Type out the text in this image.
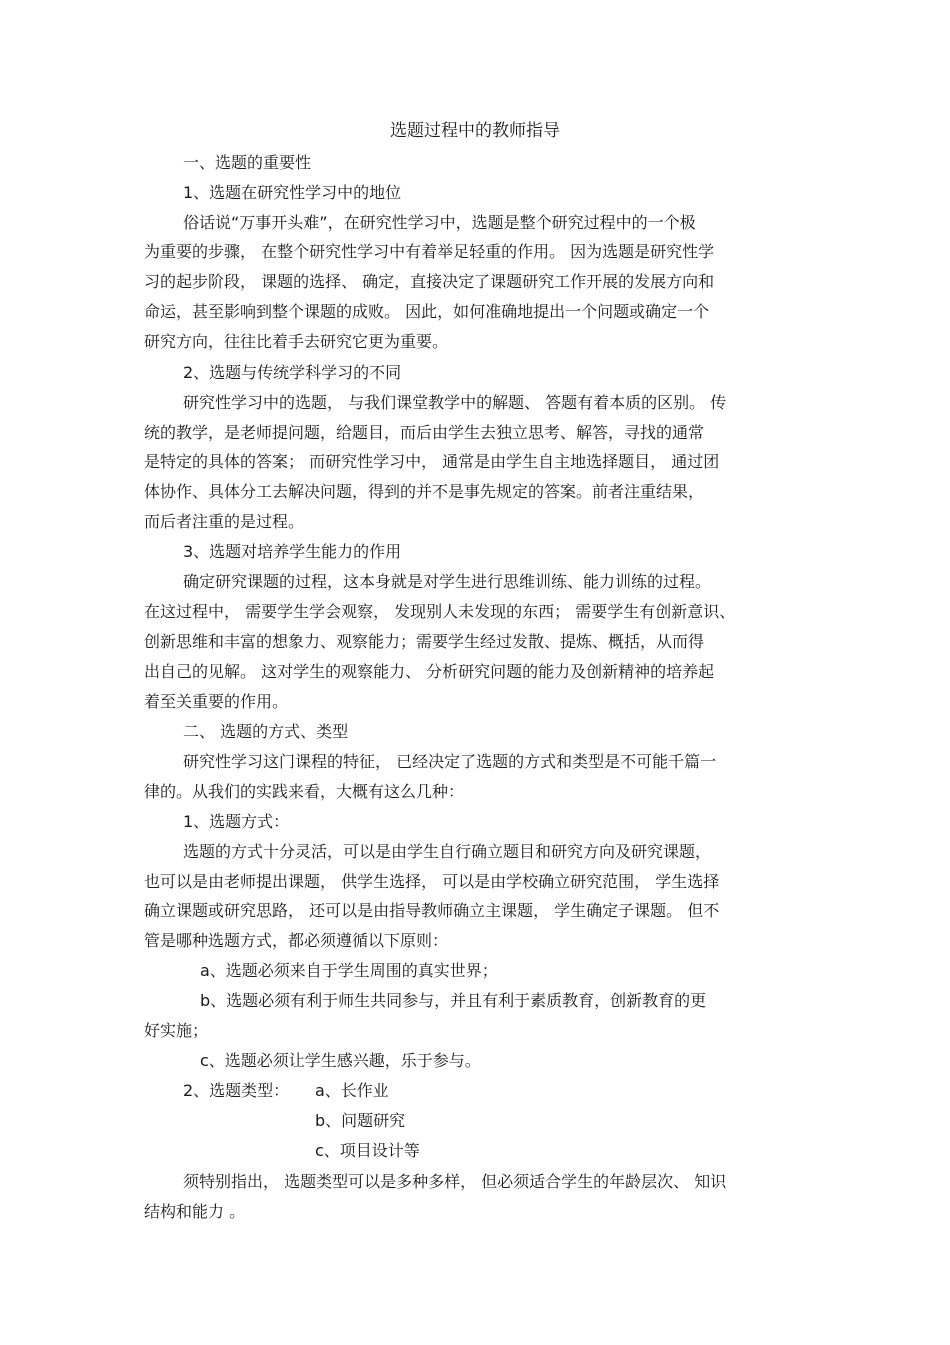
选题过程中的教师指导
一、选题的重要性
1、选题在研究性学习中的地位
俗话说“万事开头难”，在研究性学习中，选题是整个研究过程中的一个极
为重要的步骤， 在整个研究性学习中有着举足轻重的作用。 因为选题是研究性学
习的起步阶段， 课题的选择、 确定，直接决定了课题研究工作开展的发展方向和
命运，甚至影响到整个课题的成败。 因此，如何准确地提出一个问题或确定一个
研究方向，往往比着手去研究它更为重要。
2、选题与传统学科学习的不同
研究性学习中的选题， 与我们课堂教学中的解题、 答题有着本质的区别。 传
统的教学，是老师提问题，给题目，而后由学生去独立思考、解答，寻找的通常
是特定的具体的答案； 而研究性学习中， 通常是由学生自主地选择题目， 通过团
体协作、具体分工去解决问题，得到的并不是事先规定的答案。前者注重结果，
而后者注重的是过程。
3、选题对培养学生能力的作用
确定研究课题的过程，这本身就是对学生进行思维训练、能力训练的过程。
在这过程中， 需要学生学会观察， 发现别人未发现的东西； 需要学生有创新意识、
创新思维和丰富的想象力、观察能力；需要学生经过发散、提炼、概括，从而得
出自己的见解。 这对学生的观察能力、 分析研究问题的能力及创新精神的培养起
着至关重要的作用。
二、 选题的方式、类型
研究性学习这门课程的特征， 已经决定了选题的方式和类型是不可能千篇一
律的。从我们的实践来看，大概有这么几种：
1、选题方式：
选题的方式十分灵活，可以是由学生自行确立题目和研究方向及研究课题，
也可以是由老师提出课题， 供学生选择， 可以是由学校确立研究范围， 学生选择
确立课题或研究思路， 还可以是由指导教师确立主课题， 学生确定子课题。 但不
管是哪种选题方式，都必须遵循以下原则：
a、选题必须来自于学生周围的真实世界；
b、选题必须有利于师生共同参与，并且有利于素质教育，创新教育的更
好实施；
c、选题必须让学生感兴趣，乐于参与。
2、选题类型： a、长作业
b、问题研究
c、项目设计等
须特别指出， 选题类型可以是多种多样， 但必须适合学生的年龄层次、 知识
结构和能力 。
